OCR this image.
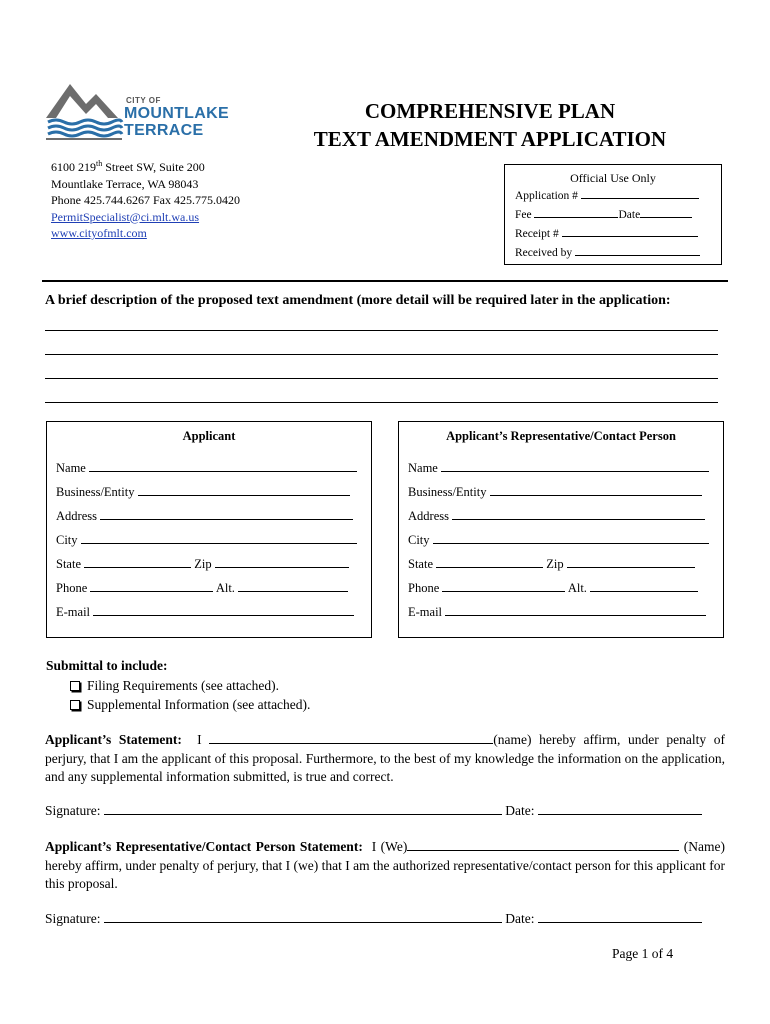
CITY OF
MOUNTLAKE
TERRACE
COMPREHENSIVE PLAN
TEXT AMENDMENT APPLICATION
6100 219th Street SW, Suite 200
Mountlake Terrace, WA 98043
Phone 425.744.6267 Fax 425.775.0420
PermitSpecialist@ci.mlt.wa.us
www.cityofmlt.com
Official Use Only
Application #
Fee	Date
Receipt #
Received by
A brief description of the proposed text amendment (more detail will be required later in the application:
Applicant
Name
Business/Entity
Address
City
State	Zip
Phone	Alt.
E-mail
Applicant’s Representative/Contact Person
Name
Business/Entity
Address
City
State	Zip
Phone	Alt.
E-mail
Submittal to include:
Filing Requirements (see attached).
Supplemental Information (see attached).
Applicant’s Statement: I	(name) hereby affirm, under penalty of perjury, that I am the applicant of this proposal. Furthermore, to the best of my knowledge the information on the application, and any supplemental information submitted, is true and correct.
Signature:	Date:
Applicant’s Representative/Contact Person Statement: I (We)	(Name) hereby affirm, under penalty of perjury, that I (we) that I am the authorized representative/contact person for this applicant for this proposal.
Signature:	Date:
Page 1 of 4
